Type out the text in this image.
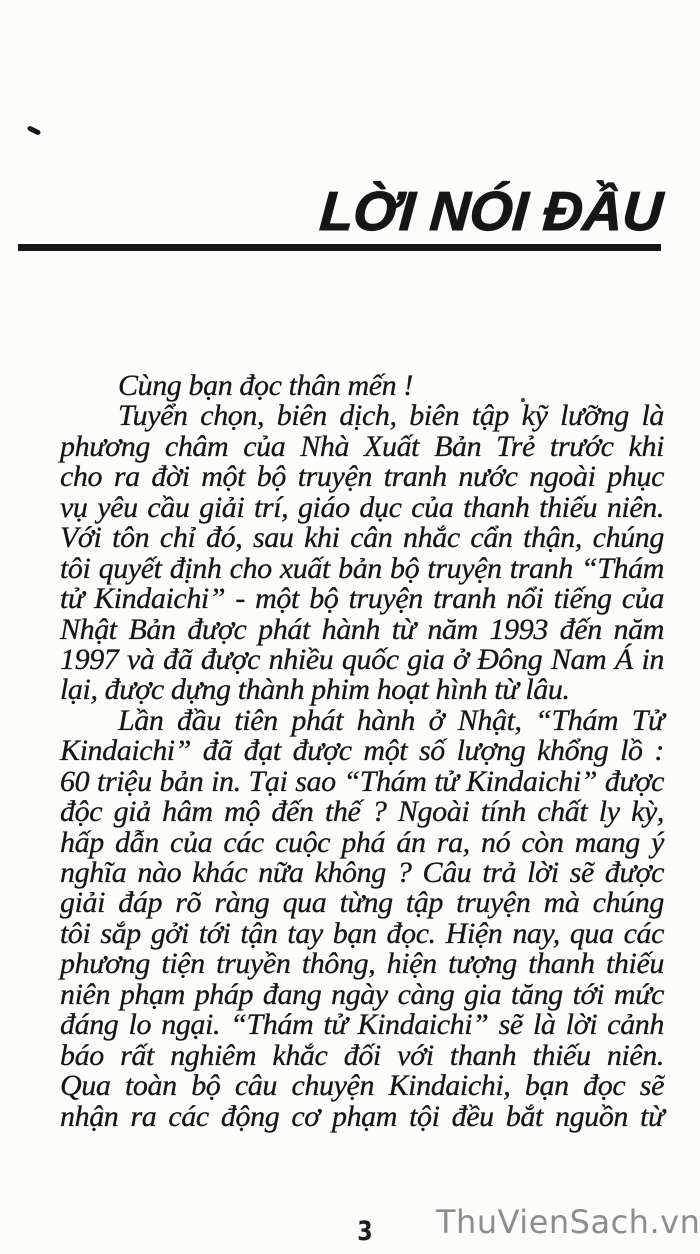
LỜI NÓI ĐẦU
Cùng bạn đọc thân mến !
Tuyển chọn, biên dịch, biên tập kỹ lưỡng là
phương châm của Nhà Xuất Bản Trẻ trước khi
cho ra đời một bộ truyện tranh nước ngoài phục
vụ yêu cầu giải trí, giáo dục của thanh thiếu niên.
Với tôn chỉ đó, sau khi cân nhắc cẩn thận, chúng
tôi quyết định cho xuất bản bộ truyện tranh “Thám
tử Kindaichi” - một bộ truyện tranh nổi tiếng của
Nhật Bản được phát hành từ năm 1993 đến năm
1997 và đã được nhiều quốc gia ở Đông Nam Á in
lại, được dựng thành phim hoạt hình từ lâu.
Lần đầu tiên phát hành ở Nhật, “Thám Tử
Kindaichi” đã đạt được một số lượng khổng lồ :
60 triệu bản in. Tại sao “Thám tử Kindaichi” được
độc giả hâm mộ đến thế ? Ngoài tính chất ly kỳ,
hấp dẫn của các cuộc phá án ra, nó còn mang ý
nghĩa nào khác nữa không ? Câu trả lời sẽ được
giải đáp rõ ràng qua từng tập truyện mà chúng
tôi sắp gởi tới tận tay bạn đọc. Hiện nay, qua các
phương tiện truyền thông, hiện tượng thanh thiếu
niên phạm pháp đang ngày càng gia tăng tới mức
đáng lo ngại. “Thám tử Kindaichi” sẽ là lời cảnh
báo rất nghiêm khắc đối với thanh thiếu niên.
Qua toàn bộ câu chuyện Kindaichi, bạn đọc sẽ
nhận ra các động cơ phạm tội đều bắt nguồn từ
3 ThuVienSach.vn
